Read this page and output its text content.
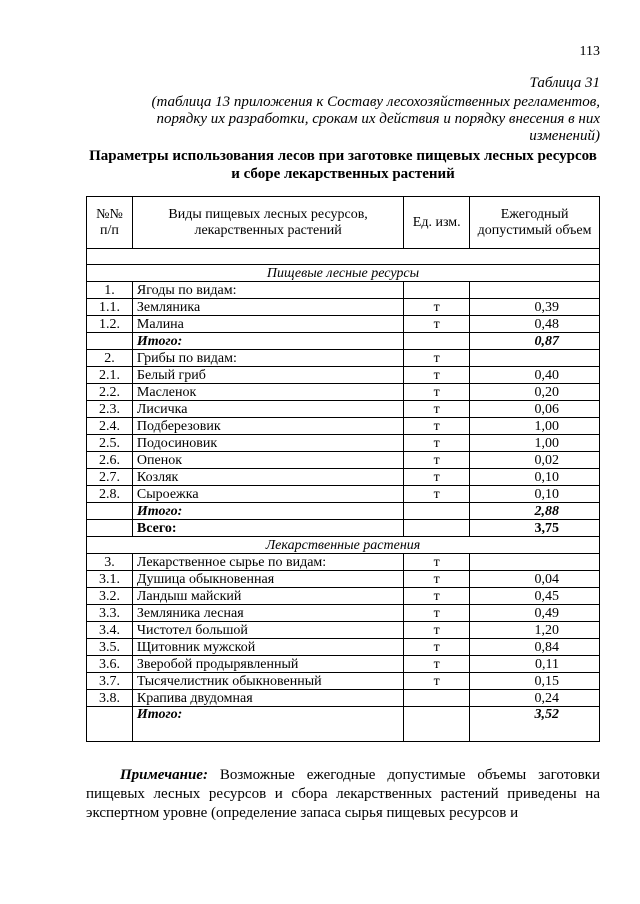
113
Таблица 31
(таблица 13 приложения к Составу лесохозяйственных регламентов, порядку их разработки, срокам их действия и порядку внесения в них изменений)
Параметры использования лесов при заготовке пищевых лесных ресурсов и сборе лекарственных растений
№№ п/п	Виды пищевых лесных ресурсов, лекарственных растений	Ед. изм.	Ежегодный допустимый объем

Пищевые лесные ресурсы			
1.	Ягоды по видам:		
1.1.	Земляника	т	0,39
1.2.	Малина	т	0,48
	Итого:		0,87
2.	Грибы по видам:	т	
2.1.	Белый гриб	т	0,40
2.2.	Масленок	т	0,20
2.3.	Лисичка	т	0,06
2.4.	Подберезовик	т	1,00
2.5.	Подосиновик	т	1,00
2.6.	Опенок	т	0,02
2.7.	Козляк	т	0,10
2.8.	Сыроежка	т	0,10
	Итого:		2,88
	Всего:		3,75
Лекарственные растения			
3.	Лекарственное сырье по видам:	т	
3.1.	Душица обыкновенная	т	0,04
3.2.	Ландыш майский	т	0,45
3.3.	Земляника лесная	т	0,49
3.4.	Чистотел большой	т	1,20
3.5.	Щитовник мужской	т	0,84
3.6.	Зверобой продырявленный	т	0,11
3.7.	Тысячелистник обыкновенный	т	0,15
3.8.	Крапива двудомная		0,24
	Итого:		3,52
Примечание: Возможные ежегодные допустимые объемы заготовки пищевых лесных ресурсов и сбора лекарственных растений приведены на экспертном уровне (определение запаса сырья пищевых ресурсов и
